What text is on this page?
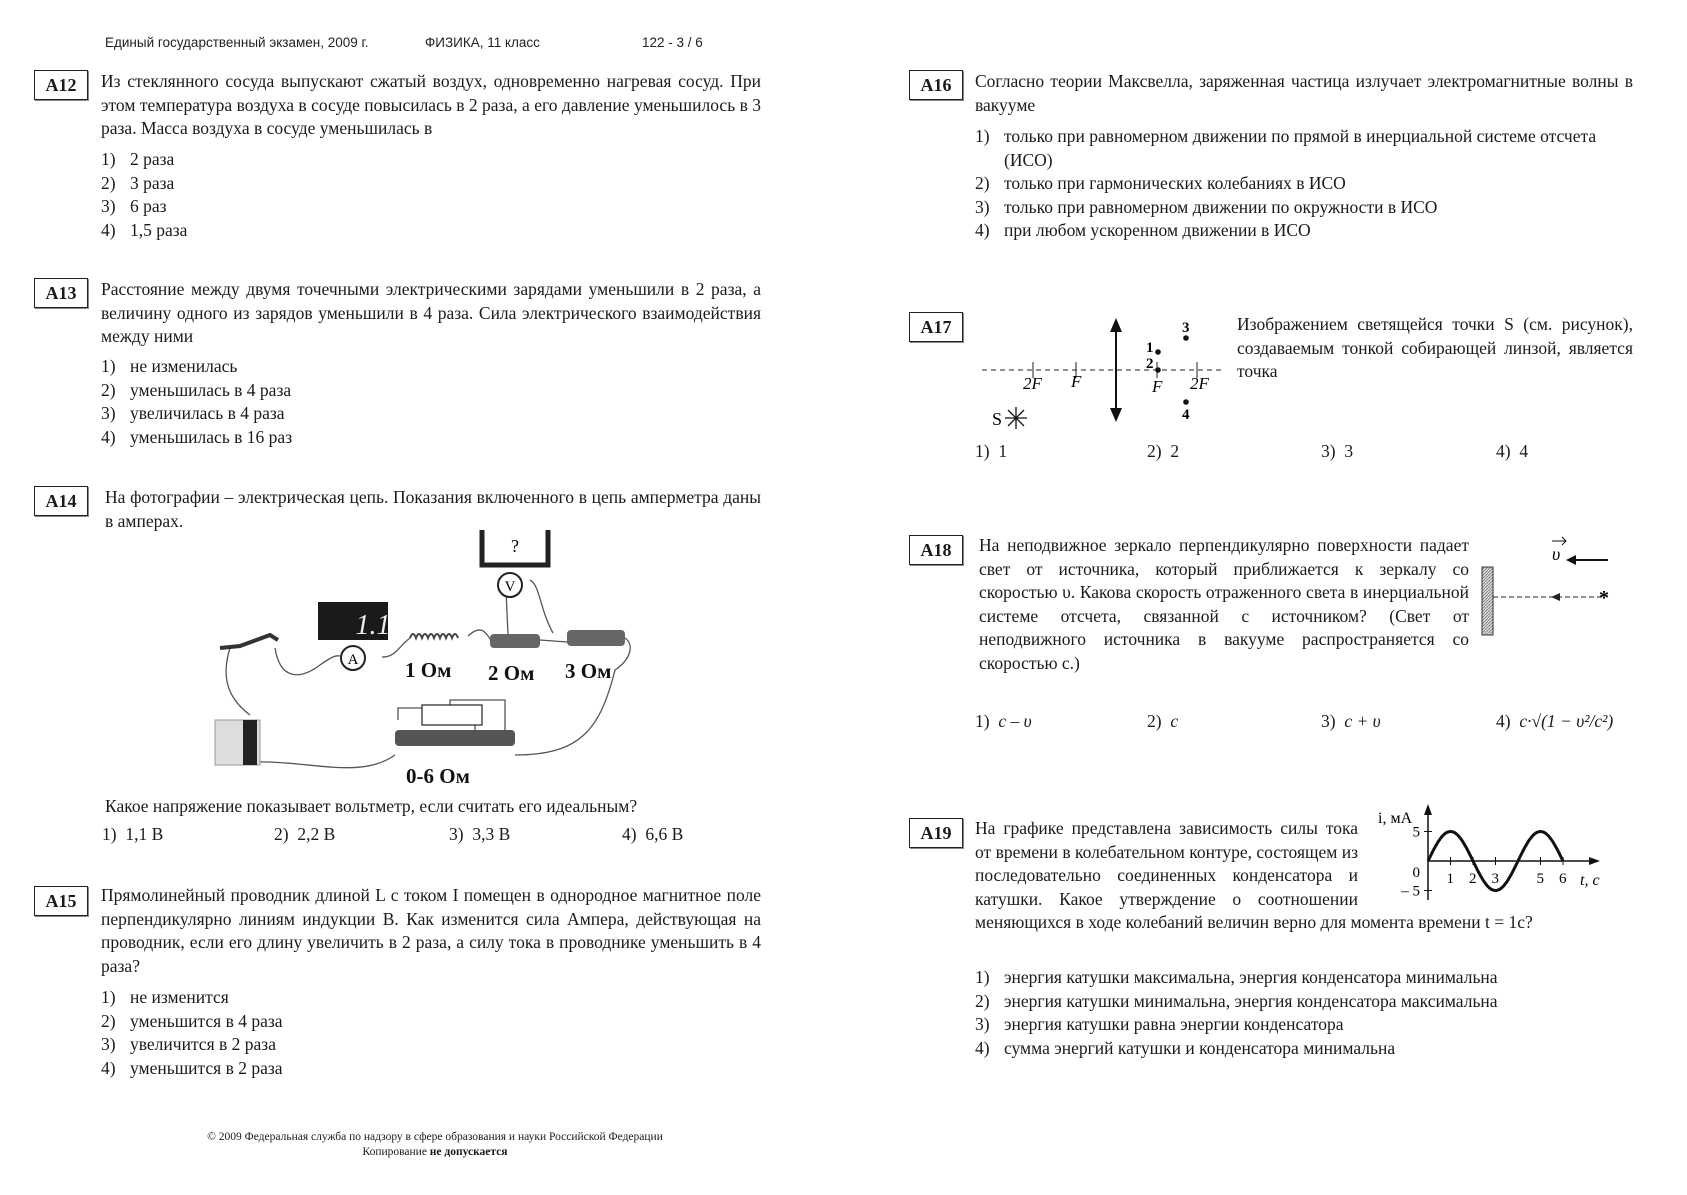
Единый государственный экзамен, 2009 г.	ФИЗИКА, 11 класс	122 - 3 / 6
А12	Из стеклянного сосуда выпускают сжатый воздух, одновременно нагревая сосуд. При этом температура воздуха в сосуде повысилась в 2 раза, а его давление уменьшилось в 3 раза. Масса воздуха в сосуде уменьшилась в
1) 2 раза
2) 3 раза
3) 6 раз
4) 1,5 раза
А13	Расстояние между двумя точечными электрическими зарядами уменьшили в 2 раза, а величину одного из зарядов уменьшили в 4 раза. Сила электрического взаимодействия между ними
1) не изменилась
2) уменьшилась в 4 раза
3) увеличилась в 4 раза
4) уменьшилась в 16 раз
А14	На фотографии – электрическая цепь. Показания включенного в цепь амперметра даны в амперах.
?
V
1.1
A 1 Ом 2 Ом 3 Ом
0-6 Ом
Какое напряжение показывает вольтметр, если считать его идеальным?
1) 1,1 В	2) 2,2 В	3) 3,3 В	4) 6,6 В
А15	Прямолинейный проводник длиной L с током I помещен в однородное магнитное поле перпендикулярно линиям индукции B. Как изменится сила Ампера, действующая на проводник, если его длину увеличить в 2 раза, а силу тока в проводнике уменьшить в 4 раза?
1) не изменится
2) уменьшится в 4 раза
3) увеличится в 2 раза
4) уменьшится в 2 раза
© 2009 Федеральная служба по надзору в сфере образования и науки Российской Федерации
Копирование не допускается
А16	Согласно теории Максвелла, заряженная частица излучает электромагнитные волны в вакууме
1) только при равномерном движении по прямой в инерциальной системе отсчета (ИСО)
2) только при гармонических колебаниях в ИСО
3) только при равномерном движении по окружности в ИСО
4) при любом ускоренном движении в ИСО
А17
2F F	F 2F
1
2
3
4
S
Изображением светящейся точки S (см. рисунок), создаваемым тонкой собирающей линзой, является точка
1) 1	2) 2	3) 3	4) 4
А18	На неподвижное зеркало перпендикулярно поверхности падает свет от источника, который приближается к зеркалу со скоростью υ. Какова скорость отраженного света в инерциальной системе отсчета, связанной с источником? (Свет от неподвижного источника в вакууме распространяется со скоростью c.)
*
υ
1) c – υ	2) c	3) c + υ	4) c·√(1 − υ²/c²)
А19	На графике представлена зависимость силы тока от времени в колебательном контуре, состоящем из последовательно соединенных конденсатора и катушки. Какое утверждение о соотношении меняющихся в ходе колебаний величин верно для момента времени t = 1c?
1 2 3	5 6
5
0
– 5
i, мА
t, c
1) энергия катушки максимальна, энергия конденсатора минимальна
2) энергия катушки минимальна, энергия конденсатора максимальна
3) энергия катушки равна энергии конденсатора
4) сумма энергий катушки и конденсатора минимальна
